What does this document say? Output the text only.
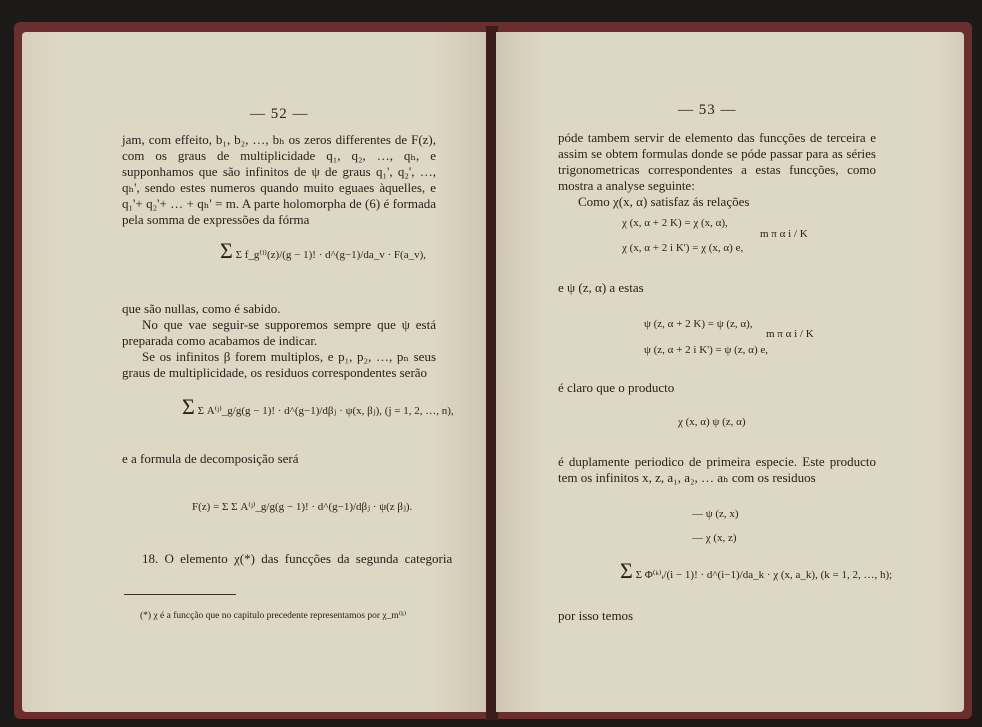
— 52 —

jam, com effeito, b₁, b₂, …, bₕ os zeros differentes de F(z), com os graus de multiplicidade q₁, q₂, …, qₕ, e supponhamos que são infinitos de ψ de graus q₁', q₂', …, qₕ', sendo estes numeros quando muito eguaes àquelles, e q₁'+ q₂'+ … + qₕ' = m. A parte holomorpha de (6) é formada pela somma de expressões da fórma

Σ Σ f_g⁽ⁱ⁾(z)/(g − 1)! · d^(g−1)/da_v · F(a_v),

que são nullas, como é sabido.

No que vae seguir-se supporemos sempre que ψ está preparada como acabamos de indicar.

Se os infinitos β forem multiplos, e p₁, p₂, …, pₙ seus graus de multiplicidade, os residuos correspondentes serão

Σ Σ A⁽ʲ⁾_g/g(g − 1)! · d^(g−1)/dβⱼ · ψ(x, βⱼ), (j = 1, 2, …, n),

e a formula de decomposição será

F(z) = Σ Σ A⁽ʲ⁾_g/g(g − 1)! · d^(g−1)/dβⱼ · ψ(z βⱼ).
18. O elemento χ(*) das funcções da segunda categoria
(*) χ é a funcção que no capitulo precedente representamos por χ_m⁽ᵏ⁾
— 53 —

póde tambem servir de elemento das funcções de terceira e assim se obtem formulas donde se póde passar para as séries trigonometricas correspondentes a estas funcções, como mostra a analyse seguinte:

Como χ(x, α) satisfaz ás relações

χ (x, α + 2 K) = χ (x, α),
χ (x, α + 2 i K') = χ (x, α) e,
m π α i / K

e ψ (z, α) a estas

ψ (z, α + 2 K) = ψ (z, α),
ψ (z, α + 2 i K') = ψ (z, α) e,
m π α i / K

é claro que o producto

χ (x, α) ψ (z, α)

é duplamente periodico de primeira especie. Este producto tem os infinitos x, z, a₁, a₂, … aₕ com os residuos

— ψ (z, x)
— χ (x, z)
Σ Σ Φ⁽ᵏ⁾ᵢ/(i − 1)! · d^(i−1)/da_k · χ (x, a_k), (k = 1, 2, …, h);

por isso temos
